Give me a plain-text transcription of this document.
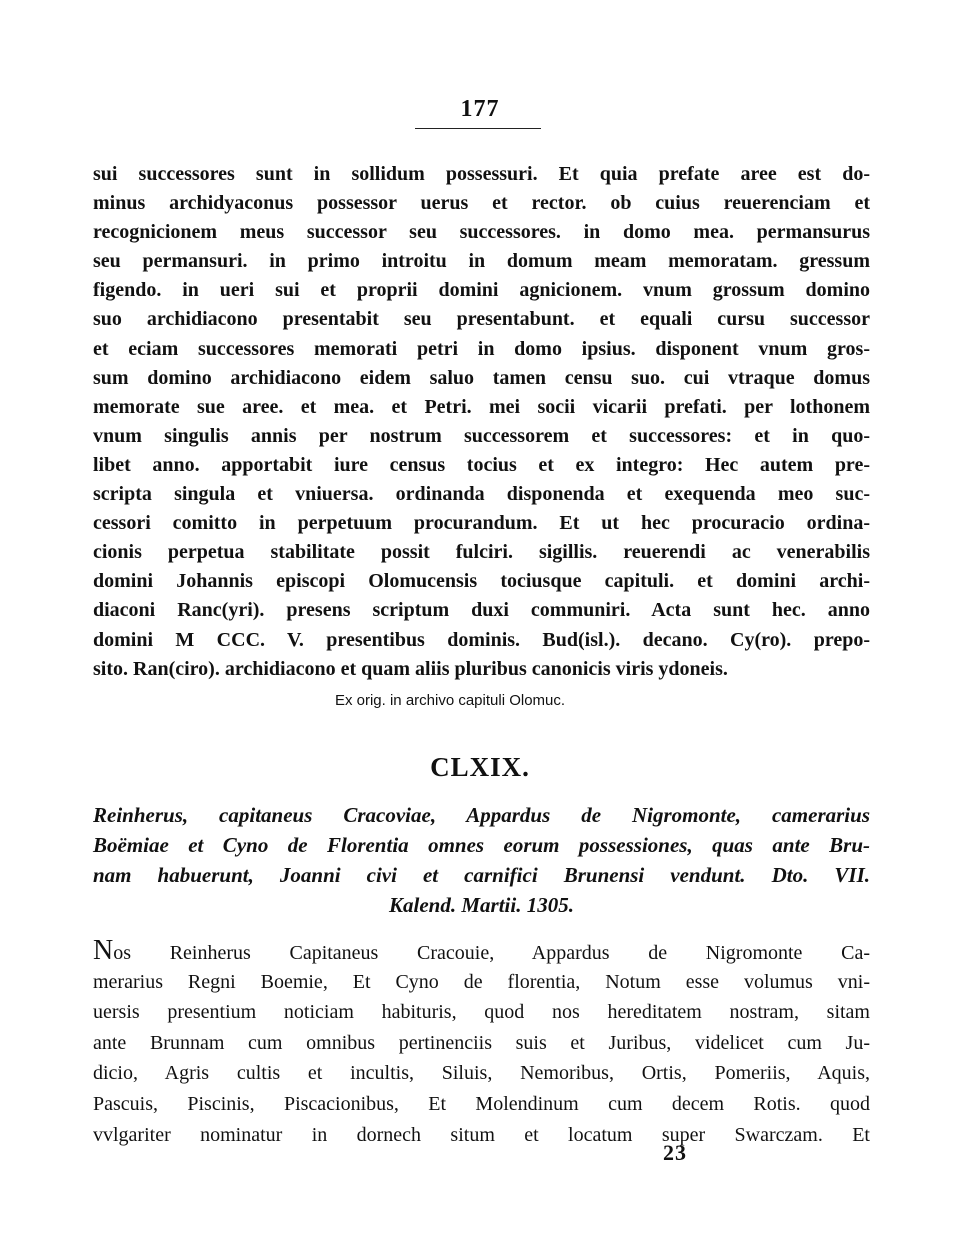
177
sui successores sunt in sollidum possessuri. Et quia prefate aree est do-
minus archidyaconus possessor uerus et rector. ob cuius reuerenciam et
recognicionem meus successor seu successores. in domo mea. permansurus
seu permansuri. in primo introitu in domum meam memoratam. gressum
figendo. in ueri sui et proprii domini agnicionem. vnum grossum domino
suo archidiacono presentabit seu presentabunt. et equali cursu successor
et eciam successores memorati petri in domo ipsius. disponent vnum gros-
sum domino archidiacono eidem saluo tamen censu suo. cui vtraque domus
memorate sue aree. et mea. et Petri. mei socii vicarii prefati. per lothonem
vnum singulis annis per nostrum successorem et successores: et in quo-
libet anno. apportabit iure census tocius et ex integro: Hec autem pre-
scripta singula et vniuersa. ordinanda disponenda et exequenda meo suc-
cessori comitto in perpetuum procurandum. Et ut hec procuracio ordina-
cionis perpetua stabilitate possit fulciri. sigillis. reuerendi ac venerabilis
domini Johannis episcopi Olomucensis tociusque capituli. et domini archi-
diaconi Ranc(yri). presens scriptum duxi communiri. Acta sunt hec. anno
domini M CCC. V. presentibus dominis. Bud(isl.). decano. Cy(ro). prepo-
sito. Ran(ciro). archidiacono et quam aliis pluribus canonicis viris ydoneis.
Ex orig. in archivo capituli Olomuc.
CLXIX.
Reinherus, capitaneus Cracoviae, Appardus de Nigromonte, camerarius
Boëmiae et Cyno de Florentia omnes eorum possessiones, quas ante Bru-
nam habuerunt, Joanni civi et carnifici Brunensi vendunt. Dto. VII.
Kalend. Martii. 1305.
Nos Reinherus Capitaneus Cracouie, Appardus de Nigromonte Ca-
merarius Regni Boemie, Et Cyno de florentia, Notum esse volumus vni-
uersis presentium noticiam habituris, quod nos hereditatem nostram, sitam
ante Brunnam cum omnibus pertinenciis suis et Juribus, videlicet cum Ju-
dicio, Agris cultis et incultis, Siluis, Nemoribus, Ortis, Pomeriis, Aquis,
Pascuis, Piscinis, Piscacionibus, Et Molendinum cum decem Rotis. quod
vvlgariter nominatur in dornech situm et locatum super Swarczam. Et
23
